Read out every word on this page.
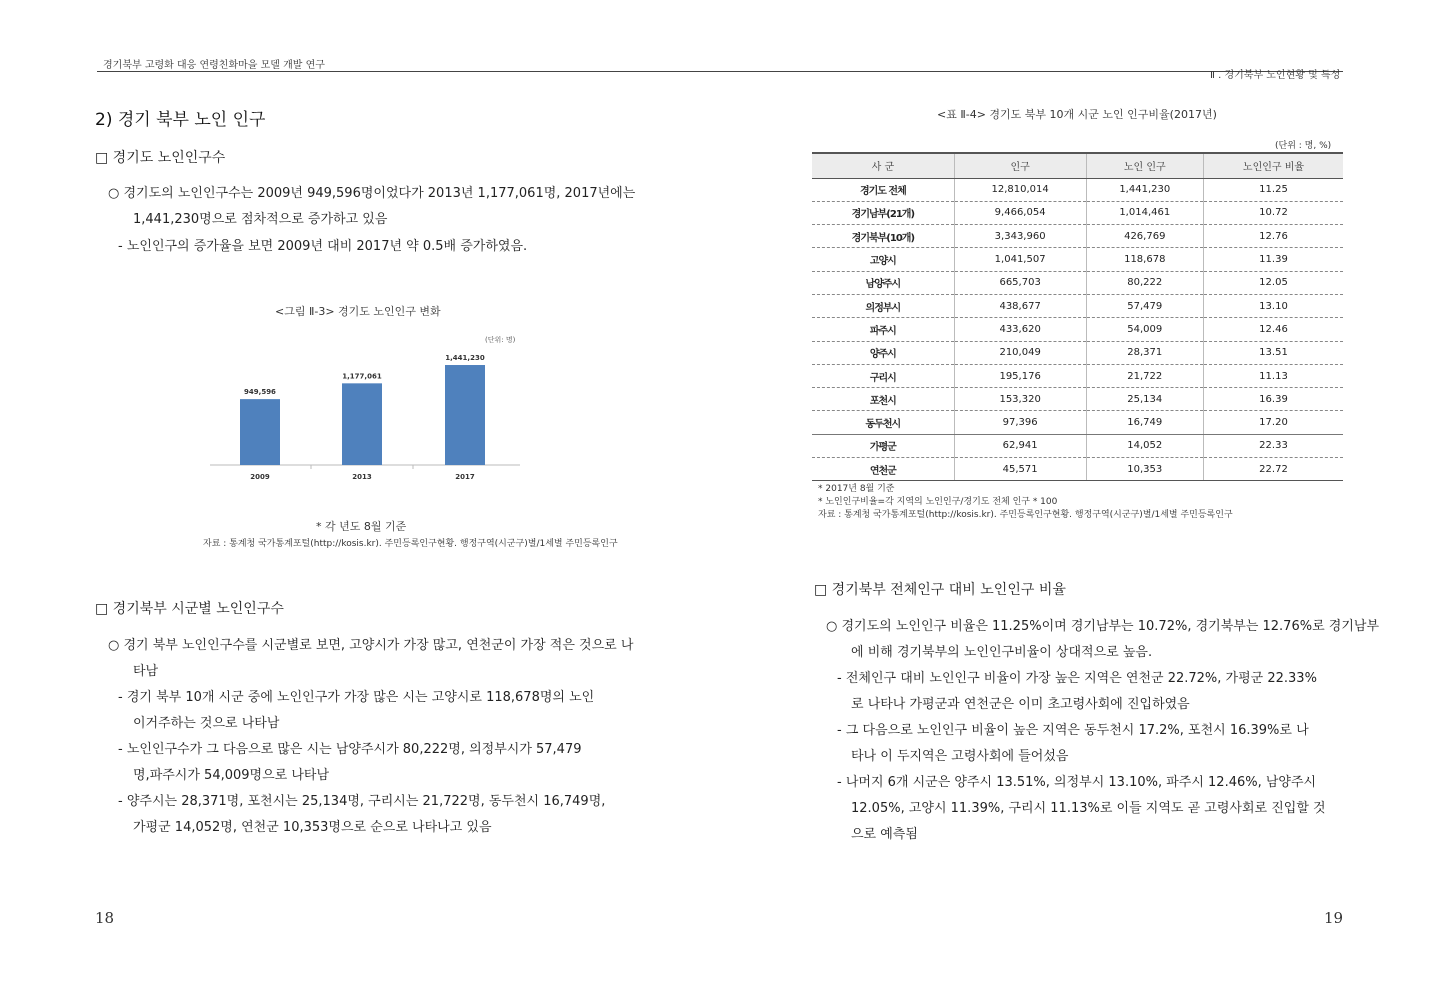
경기북부 고령화 대응 연령친화마을 모델 개발 연구
Ⅱ . 경기북부 노인현황 및 특성
2) 경기 북부 노인 인구
□ 경기도 노인인구수
○ 경기도의 노인인구수는 2009년 949,596명이었다가 2013년 1,177,061명, 2017년에는
1,441,230명으로 점차적으로 증가하고 있음
- 노인인구의 증가율을 보면 2009년 대비 2017년 약 0.5배 증가하였음.
<그림 Ⅱ-3> 경기도 노인인구 변화
(단위: 명)
949,596
2009
1,177,061
2013
1,441,230
2017
* 각 년도 8월 기준
자료 : 통계청 국가통계포털(http://kosis.kr). 주민등록인구현황. 행정구역(시군구)별/1세별 주민등록인구
□ 경기북부 시군별 노인인구수
○ 경기 북부 노인인구수를 시군별로 보면, 고양시가 가장 많고, 연천군이 가장 적은 것으로 나
타남
- 경기 북부 10개 시군 중에 노인인구가 가장 많은 시는 고양시로 118,678명의 노인
이거주하는 것으로 나타남
- 노인인구수가 그 다음으로 많은 시는 남양주시가 80,222명, 의정부시가 57,479
명,파주시가 54,009명으로 나타남
- 양주시는 28,371명, 포천시는 25,134명, 구리시는 21,722명, 동두천시 16,749명,
가평군 14,052명, 연천군 10,353명으로 순으로 나타나고 있음
18
<표 Ⅱ-4> 경기도 북부 10개 시군 노인 인구비율(2017년)
(단위 : 명, %)
사 군	인구	노인 인구	노인인구 비율
경기도 전체	12,810,014	1,441,230	11.25
경기남부(21개)	9,466,054	1,014,461	10.72
경기북부(10개)	3,343,960	426,769	12.76
고양시	1,041,507	118,678	11.39
남양주시	665,703	80,222	12.05
의정부시	438,677	57,479	13.10
파주시	433,620	54,009	12.46
양주시	210,049	28,371	13.51
구리시	195,176	21,722	11.13
포천시	153,320	25,134	16.39
동두천시	97,396	16,749	17.20
가평군	62,941	14,052	22.33
연천군	45,571	10,353	22.72
* 2017년 8월 기준
* 노인인구비율=각 지역의 노인인구/경기도 전체 인구 * 100
자료 : 통계청 국가통계포털(http://kosis.kr). 주민등록인구현황. 행정구역(시군구)별/1세별 주민등록인구
□ 경기북부 전체인구 대비 노인인구 비율
○ 경기도의 노인인구 비율은 11.25%이며 경기남부는 10.72%, 경기북부는 12.76%로 경기남부
에 비해 경기북부의 노인인구비율이 상대적으로 높음.
- 전체인구 대비 노인인구 비율이 가장 높은 지역은 연천군 22.72%, 가평군 22.33%
로 나타나 가평군과 연천군은 이미 초고령사회에 진입하였음
- 그 다음으로 노인인구 비율이 높은 지역은 동두천시 17.2%, 포천시 16.39%로 나
타나 이 두지역은 고령사회에 들어섰음
- 나머지 6개 시군은 양주시 13.51%, 의정부시 13.10%, 파주시 12.46%, 남양주시
12.05%, 고양시 11.39%, 구리시 11.13%로 이들 지역도 곧 고령사회로 진입할 것
으로 예측됨
19
